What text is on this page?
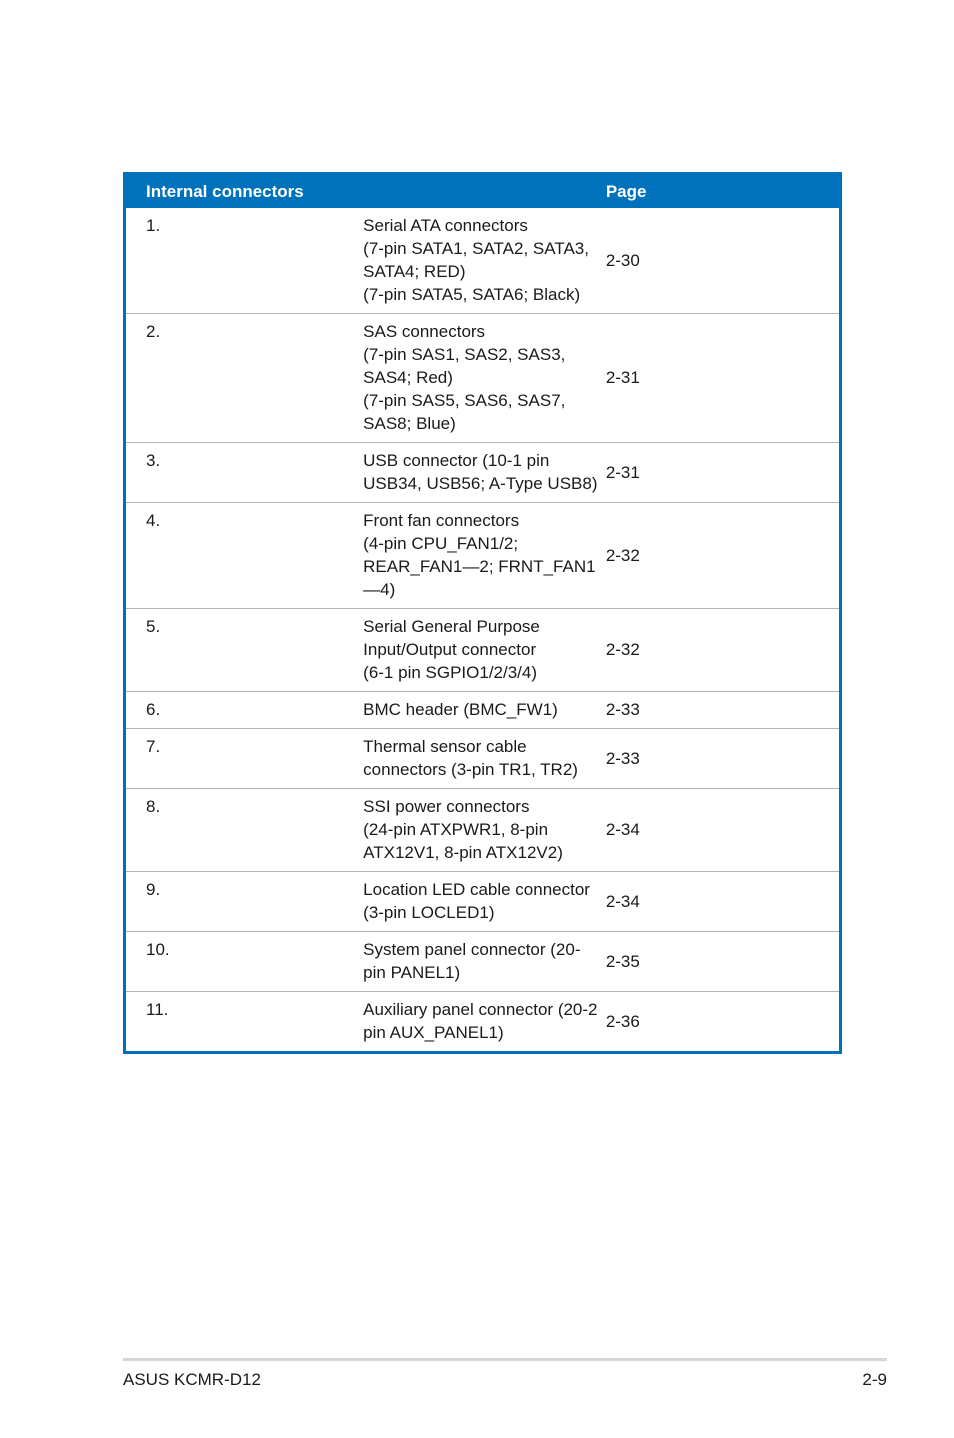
Internal connectors		Page
1.	Serial ATA connectors
(7-pin SATA1, SATA2, SATA3, SATA4; RED)
(7-pin SATA5, SATA6; Black)	2-30
2.	SAS connectors
(7-pin SAS1, SAS2, SAS3, SAS4; Red)
(7-pin SAS5, SAS6, SAS7, SAS8; Blue)	2-31
3.	USB connector (10-1 pin USB34, USB56; A-Type USB8)	2-31
4.	Front fan connectors
(4-pin CPU_FAN1/2; REAR_FAN1—2; FRNT_FAN1—4)	2-32
5.	Serial General Purpose Input/Output connector
(6-1 pin SGPIO1/2/3/4)	2-32
6.	BMC header (BMC_FW1)	2-33
7.	Thermal sensor cable connectors (3-pin TR1, TR2)	2-33
8.	SSI power connectors
(24-pin ATXPWR1, 8-pin ATX12V1, 8-pin ATX12V2)	2-34
9.	Location LED cable connector (3-pin LOCLED1)	2-34
10.	System panel connector (20-pin PANEL1)	2-35
11.	Auxiliary panel connector (20-2 pin AUX_PANEL1)	2-36
ASUS KCMR-D12	2-9
